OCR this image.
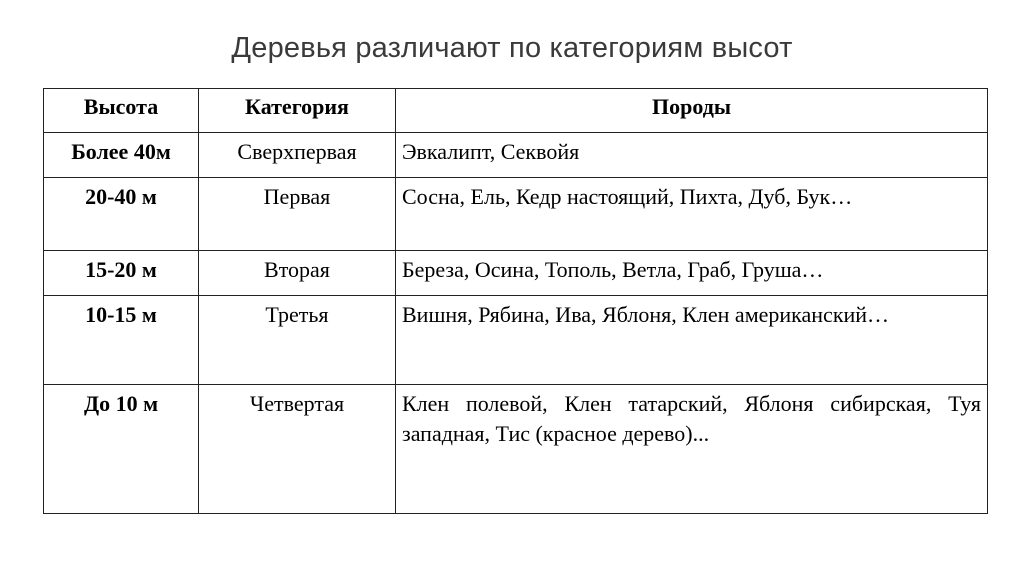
Деревья различают по категориям высот
Высота	Категория	Породы
Более 40м	Сверхпервая	Эвкалипт, Секвойя
20-40 м	Первая	Сосна, Ель, Кедр настоящий, Пихта, Дуб, Бук…
15-20 м	Вторая	Береза, Осина, Тополь, Ветла, Граб, Груша…
10-15 м	Третья	Вишня, Рябина, Ива, Яблоня, Клен американский…
До 10 м	Четвертая	Клен полевой, Клен татарский, Яблоня сибирская, Туя западная, Тис (красное дерево)...
